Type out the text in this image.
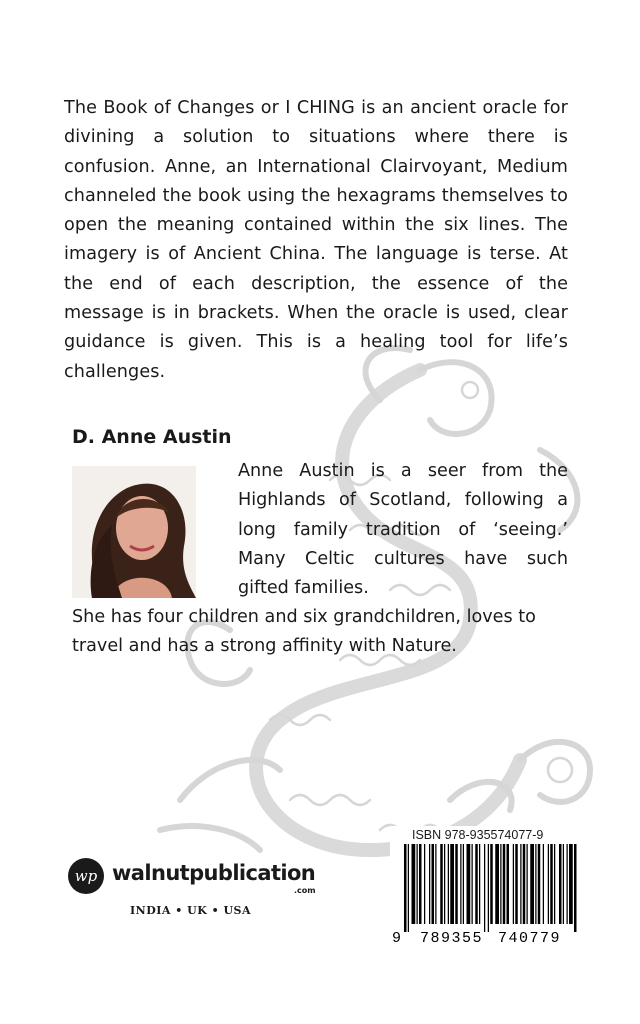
The Book of Changes or I CHING is an ancient oracle for divining a solution to situations where there is confusion. Anne, an International Clairvoyant, Medium channeled the book using the hexagrams themselves to open the meaning contained within the six lines. The imagery is of Ancient China. The language is terse. At the end of each description, the essence of the message is in brackets. When the oracle is used, clear guidance is given. This is a healing tool for life’s challenges.

D. Anne Austin

Anne Austin is a seer from the Highlands of Scotland, following a long family tradition of ‘seeing.’ Many Celtic cultures have such gifted families.

She has four children and six grandchildren, loves to travel and has a strong affinity with Nature.

wp walnutpublication
.com
INDIA • UK • USA
ISBN 978-935574077-9
9 789355 740779
